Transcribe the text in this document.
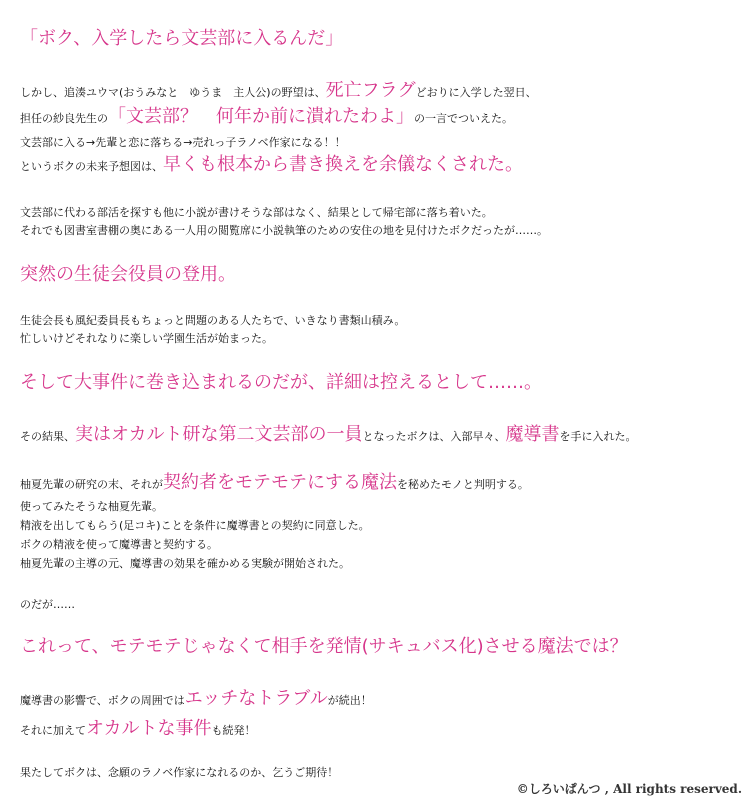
「ボク、入学したら文芸部に入るんだ」
しかし、追湊ユウマ(おうみなと　ゆうま　主人公)の野望は、死亡フラグどおりに入学した翌日、
担任の紗良先生の「文芸部？　何年か前に潰れたわよ」の一言でついえた。
文芸部に入る→先輩と恋に落ちる→売れっ子ラノベ作家になる！！
というボクの未来予想図は、早くも根本から書き換えを余儀なくされた。
文芸部に代わる部活を探すも他に小説が書けそうな部はなく、結果として帰宅部に落ち着いた。
それでも図書室書棚の奥にある一人用の閲覧席に小説執筆のための安住の地を見付けたボクだったが……。
突然の生徒会役員の登用。
生徒会長も風紀委員長もちょっと問題のある人たちで、いきなり書類山積み。
忙しいけどそれなりに楽しい学園生活が始まった。
そして大事件に巻き込まれるのだが、詳細は控えるとして……。
その結果、実はオカルト研な第二文芸部の一員となったボクは、入部早々、魔導書を手に入れた。
柚夏先輩の研究の末、それが契約者をモテモテにする魔法を秘めたモノと判明する。
使ってみたそうな柚夏先輩。
精液を出してもらう(足コキ)ことを条件に魔導書との契約に同意した。
ボクの精液を使って魔導書と契約する。
柚夏先輩の主導の元、魔導書の効果を確かめる実験が開始された。
のだが……
これって、モテモテじゃなくて相手を発情(サキュバス化)させる魔法では？
魔導書の影響で、ボクの周囲ではエッチなトラブルが続出！
それに加えてオカルトな事件も続発！
果たしてボクは、念願のラノベ作家になれるのか、乞うご期待！
©しろいぱんつ , All rights reserved.
